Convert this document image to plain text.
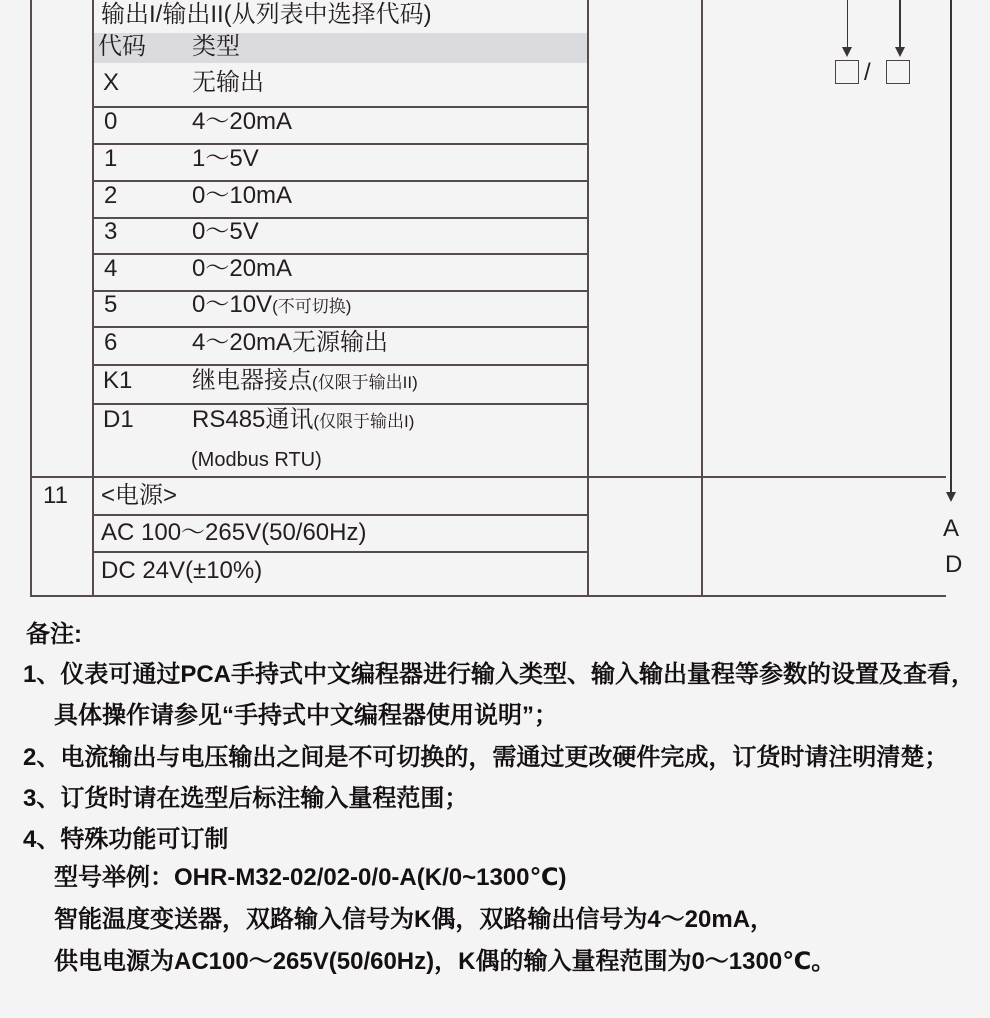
输出I/输出II(从列表中选择代码)
代码 类型
X	无输出
0	4～20mA
1	1～5V
2	0～10mA
3	0～5V
4	0～20mA
5	0～10V(不可切换)
6	4～20mA无源输出
K1 继电器接点(仅限于输出II)
D1 RS485通讯(仅限于输出I)
(Modbus RTU)
11 <电源>
AC 100～265V(50/60Hz)
DC 24V(±10%)
/
A
D
备注:
1、仪表可通过PCA手持式中文编程器进行输入类型、输入输出量程等参数的设置及查看，
具体操作请参见“手持式中文编程器使用说明”；
2、电流输出与电压输出之间是不可切换的，需通过更改硬件完成，订货时请注明清楚；
3、订货时请在选型后标注输入量程范围；
4、特殊功能可订制
型号举例：OHR-M32-02/02-0/0-A(K/0~1300℃)
智能温度变送器，双路输入信号为K偶，双路输出信号为4～20mA，
供电电源为AC100～265V(50/60Hz)，K偶的输入量程范围为0～1300℃。
